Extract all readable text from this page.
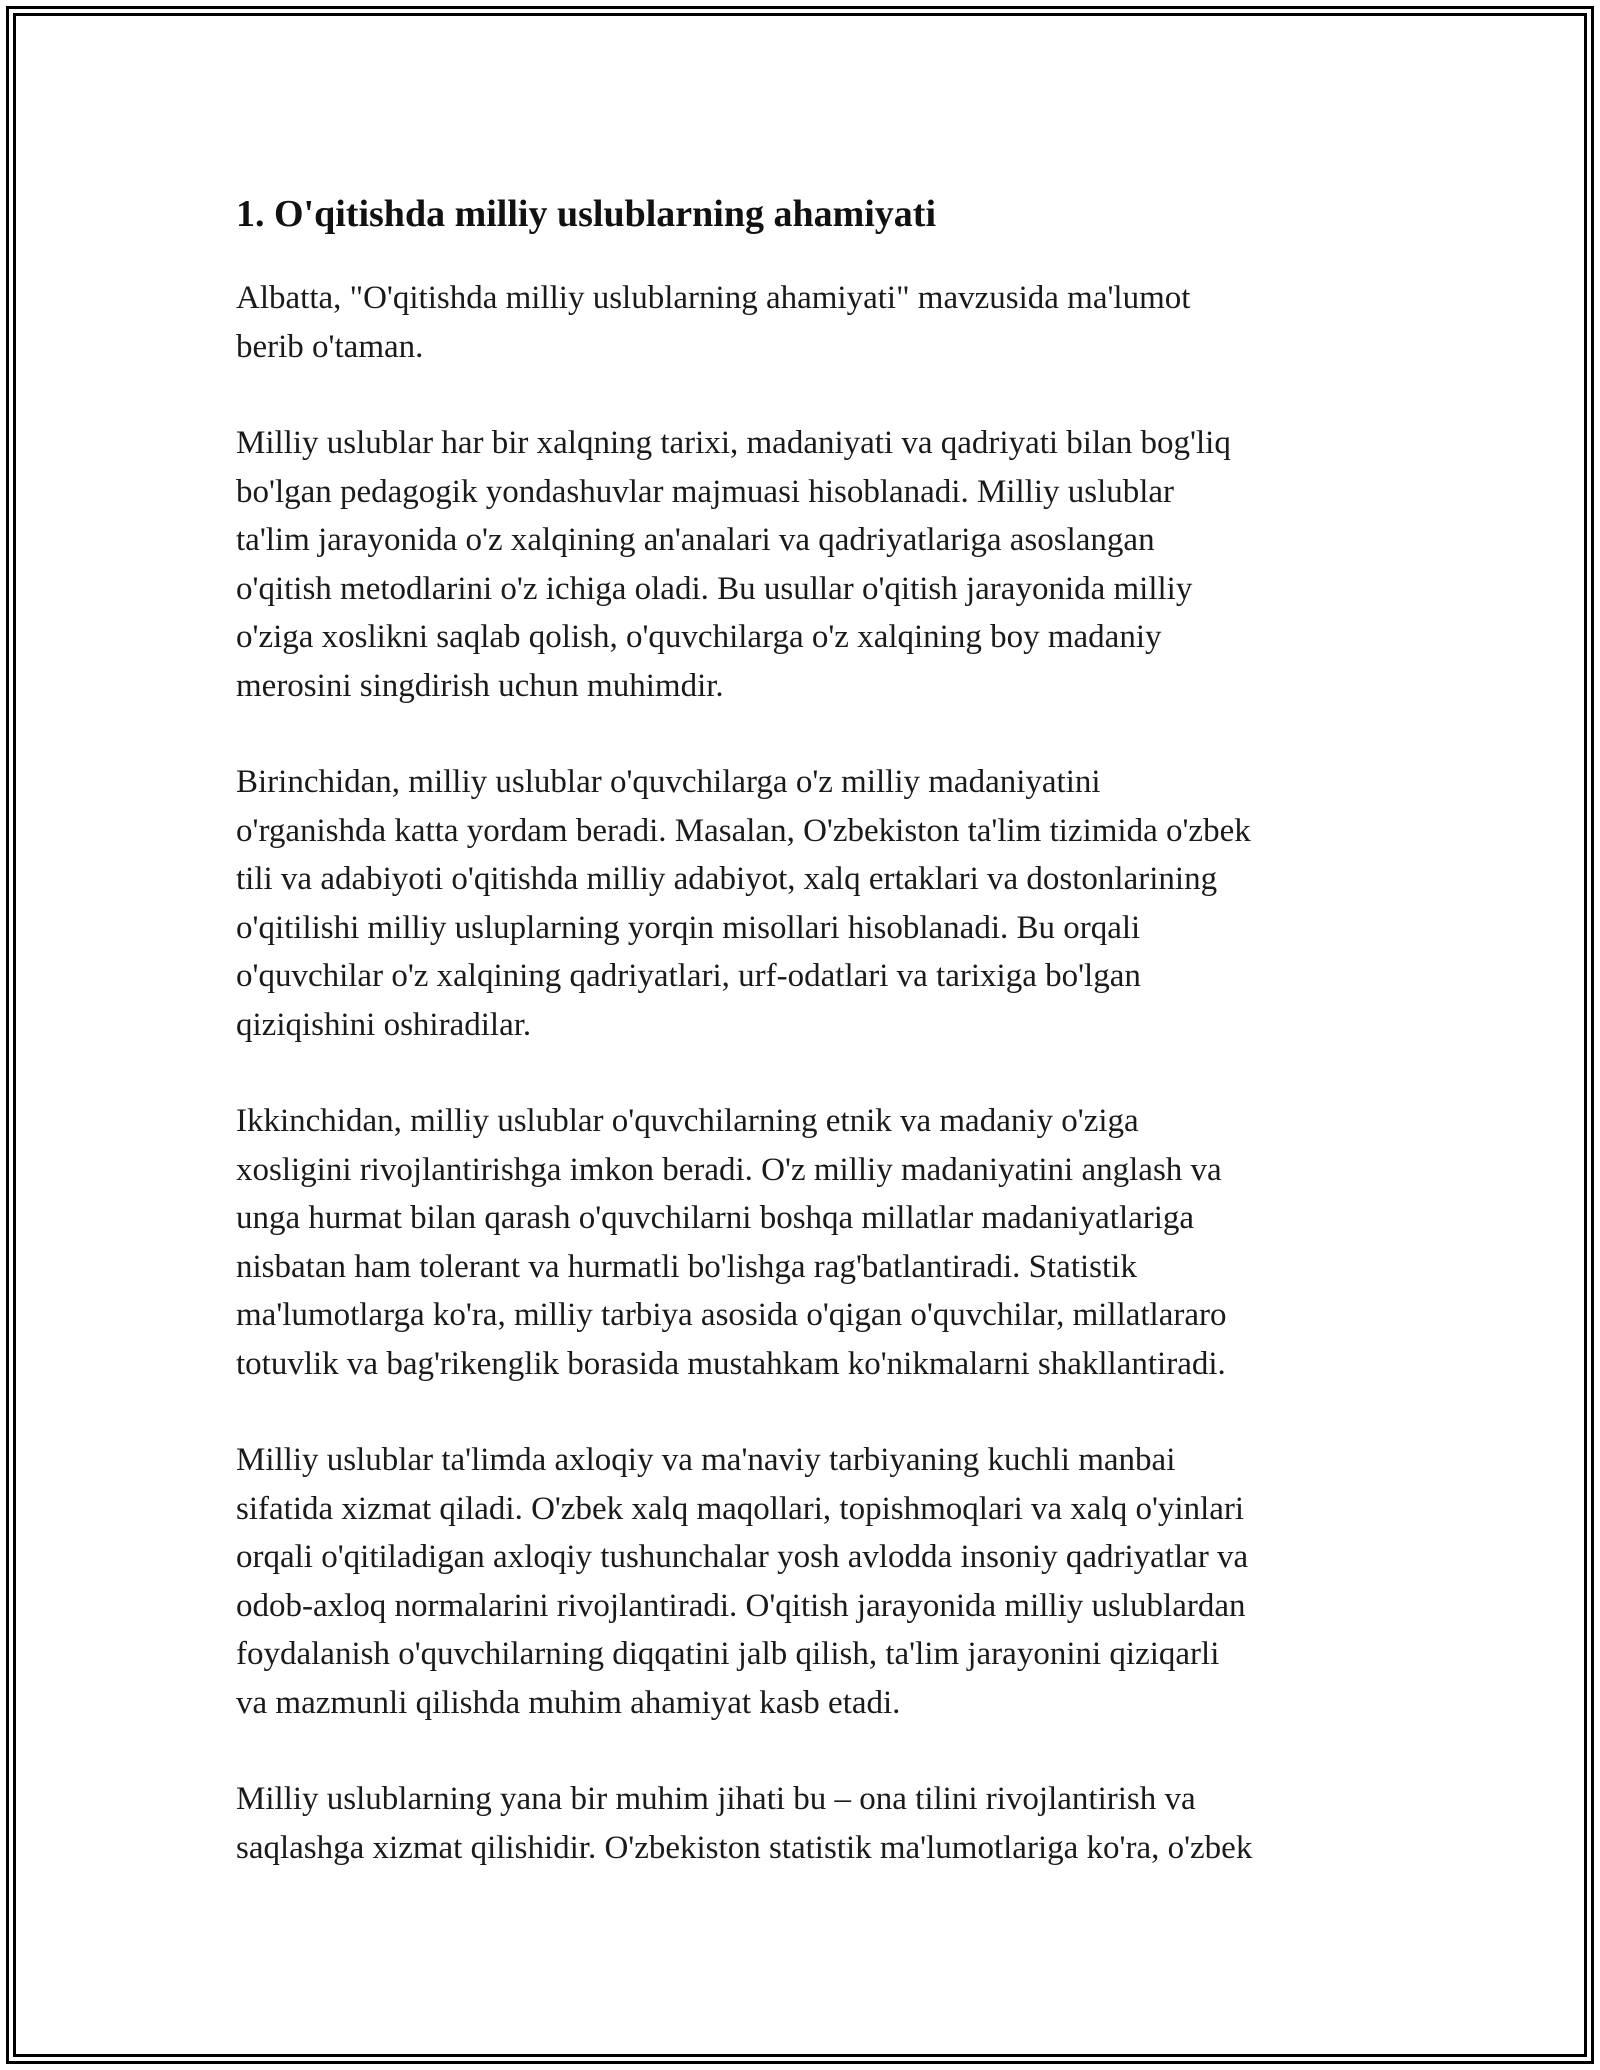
1. O'qitishda milliy uslublarning ahamiyati

Albatta, "O'qitishda milliy uslublarning ahamiyati" mavzusida ma'lumot
berib o'taman.

Milliy uslublar har bir xalqning tarixi, madaniyati va qadriyati bilan bog'liq
bo'lgan pedagogik yondashuvlar majmuasi hisoblanadi. Milliy uslublar
ta'lim jarayonida o'z xalqining an'analari va qadriyatlariga asoslangan
o'qitish metodlarini o'z ichiga oladi. Bu usullar o'qitish jarayonida milliy
o'ziga xoslikni saqlab qolish, o'quvchilarga o'z xalqining boy madaniy
merosini singdirish uchun muhimdir.

Birinchidan, milliy uslublar o'quvchilarga o'z milliy madaniyatini
o'rganishda katta yordam beradi. Masalan, O'zbekiston ta'lim tizimida o'zbek
tili va adabiyoti o'qitishda milliy adabiyot, xalq ertaklari va dostonlarining
o'qitilishi milliy usluplarning yorqin misollari hisoblanadi. Bu orqali
o'quvchilar o'z xalqining qadriyatlari, urf-odatlari va tarixiga bo'lgan
qiziqishini oshiradilar.

Ikkinchidan, milliy uslublar o'quvchilarning etnik va madaniy o'ziga
xosligini rivojlantirishga imkon beradi. O'z milliy madaniyatini anglash va
unga hurmat bilan qarash o'quvchilarni boshqa millatlar madaniyatlariga
nisbatan ham tolerant va hurmatli bo'lishga rag'batlantiradi. Statistik
ma'lumotlarga ko'ra, milliy tarbiya asosida o'qigan o'quvchilar, millatlararo
totuvlik va bag'rikenglik borasida mustahkam ko'nikmalarni shakllantiradi.

Milliy uslublar ta'limda axloqiy va ma'naviy tarbiyaning kuchli manbai
sifatida xizmat qiladi. O'zbek xalq maqollari, topishmoqlari va xalq o'yinlari
orqali o'qitiladigan axloqiy tushunchalar yosh avlodda insoniy qadriyatlar va
odob-axloq normalarini rivojlantiradi. O'qitish jarayonida milliy uslublardan
foydalanish o'quvchilarning diqqatini jalb qilish, ta'lim jarayonini qiziqarli
va mazmunli qilishda muhim ahamiyat kasb etadi.

Milliy uslublarning yana bir muhim jihati bu – ona tilini rivojlantirish va
saqlashga xizmat qilishidir. O'zbekiston statistik ma'lumotlariga ko'ra, o'zbek
